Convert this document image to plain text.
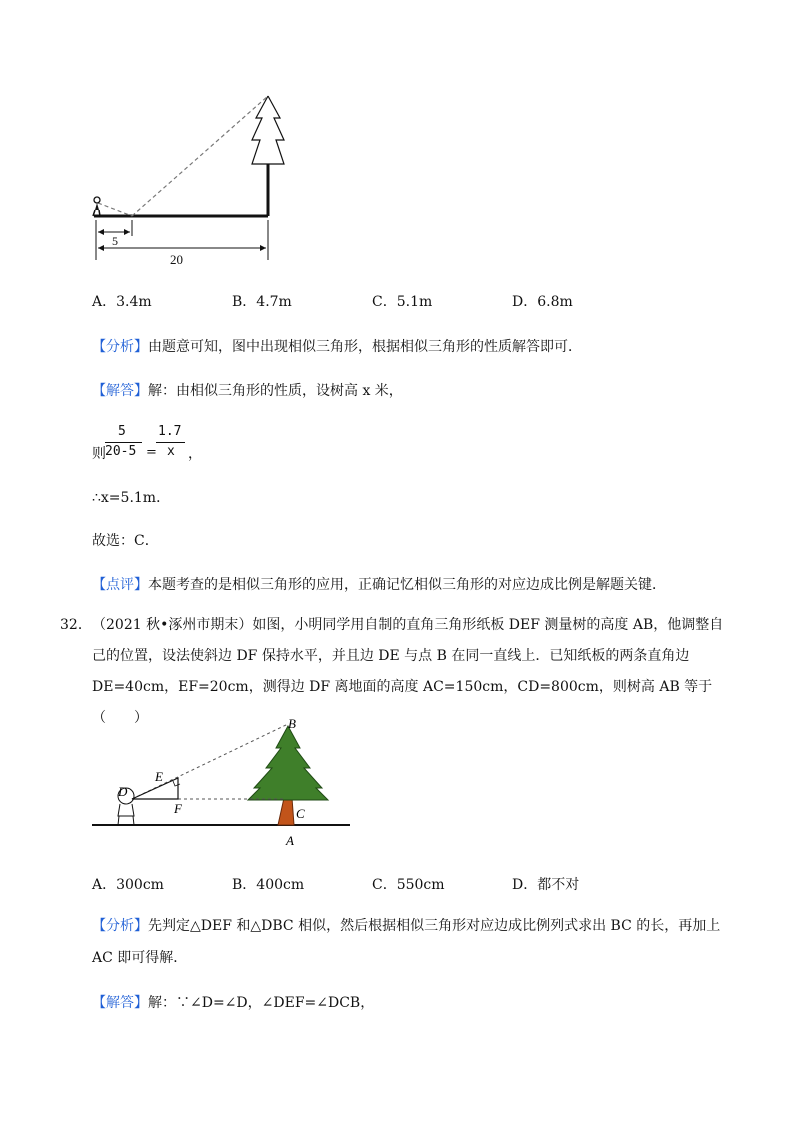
5
20
A．3.4m	B．4.7m	C．5.1m	D．6.8m
【分析】由题意可知，图中出现相似三角形，根据相似三角形的性质解答即可．
【解答】解：由相似三角形的性质，设树高 x 米，
则
5
20-5 =
1.7
x ，
∴x=5.1m．
故选：C．
【点评】本题考查的是相似三角形的应用，正确记忆相似三角形的对应边成比例是解题关键．
32． （2021 秋•涿州市期末）如图，小明同学用自制的直角三角形纸板 DEF 测量树的高度 AB，他调整自己的位置，设法使斜边 DF 保持水平，并且边 DE 与点 B 在同一直线上．已知纸板的两条直角边 DE=40cm，EF=20cm，测得边 DF 离地面的高度 AC=150cm，CD=800cm，则树高 AB 等于（　　）	B
E
D
F	C
A
A．300cm	B．400cm	C．550cm	D．都不对
【分析】先判定△DEF 和△DBC 相似，然后根据相似三角形对应边成比例列式求出 BC 的长，再加上 AC 即可得解．
【解答】解：∵∠D=∠D，∠DEF=∠DCB，
